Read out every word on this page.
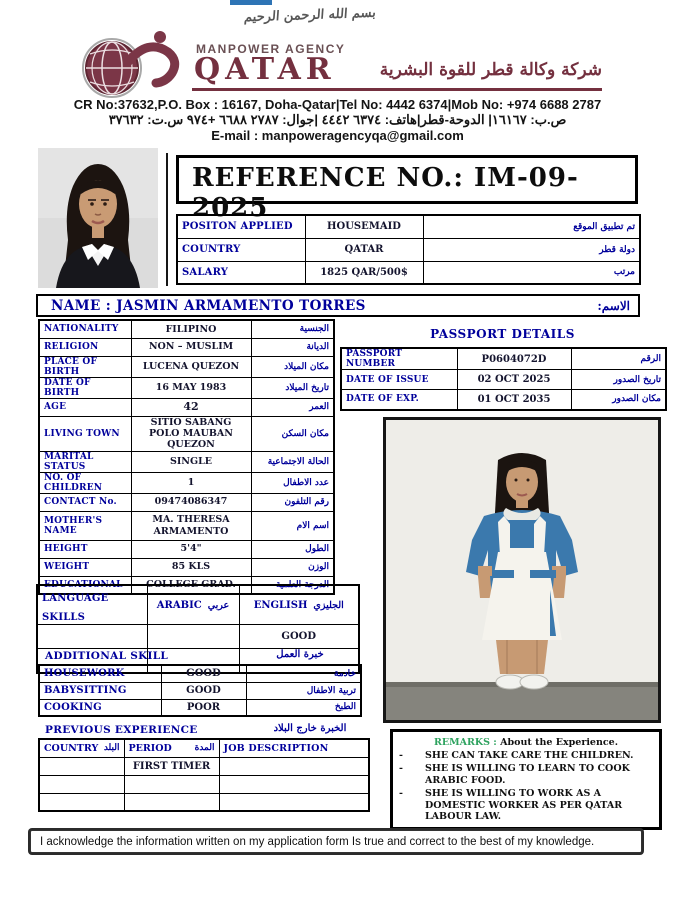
بسم الله الرحمن الرحيم
MANPOWER AGENCY
QATAR	شركة وكالة قطر للقوة البشرية
CR No:37632,P.O. Box : 16167, Doha-Qatar|Tel No: 4442 6374|Mob No: +974 6688 2787
ص.ب: ١٦١٦٧| الدوحة-قطر|هاتف: ٦٣٧٤ ٤٤٤٢ |جوال: ٢٧٨٧ ٦٦٨٨ +٩٧٤ س.ت: ٣٧٦٣٢
E-mail : manpoweragencyqa@gmail.com
REFERENCE NO.: IM-09-2025
POSITON APPLIED	HOUSEMAID	تم تطبيق الموقع
COUNTRY	QATAR	دولة قطر
SALARY	1825 QAR/500$	مرتب
NAME : JASMIN ARMAMENTO TORRES	الاسم:
NATIONALITY	FILIPINO	الجنسية
RELIGION	NON – MUSLIM	الديانة
PLACE OF BIRTH	LUCENA QUEZON	مكان الميلاد
DATE OF BIRTH	16 MAY 1983	تاريخ الميلاد
AGE	42	العمر
LIVING TOWN	SITIO SABANG POLO MAUBAN QUEZON	مكان السكن
MARITAL STATUS	SINGLE	الحالة الاجتماعية
NO. OF CHILDREN	1	عدد الاطفال
CONTACT No.	09474086347	رقم التلفون
MOTHER'S NAME	MA. THERESA ARMAMENTO	اسم الام
HEIGHT	5'4"	الطول
WEIGHT	85 KLS	الوزن
EDUCATIONAL	COLLEGE GRAD.	الدرجة العلمية
PASSPORT DETAILS
PASSPORT NUMBER	P0604072D	الرقم
DATE OF ISSUE	02 OCT 2025	تاريخ الصدور
DATE OF EXP.	01 OCT 2035	مكان الصدور
LANGUAGE SKILLS	ARABIC عربي	ENGLISH الجليزي

		GOOD

ADDITIONAL SKILL	خبرة العمل
HOUSEWORK	GOOD	خادمة
BABYSITTING	GOOD	تربية الاطفال
COOKING	POOR	الطبخ
PREVIOUS EXPERIENCE	الخبرة خارج البلاد
COUNTRY البلد	PERIOD المدة	JOB DESCRIPTION
	FIRST TIMER	

REMARKS : About the Experience.
-	SHE CAN TAKE CARE THE CHILDREN.
-	SHE IS WILLING TO LEARN TO COOK ARABIC FOOD.
-	SHE IS WILLING TO WORK AS A DOMESTIC WORKER AS PER QATAR LABOUR LAW.
I acknowledge the information written on my application form Is true and correct to the best of my knowledge.
